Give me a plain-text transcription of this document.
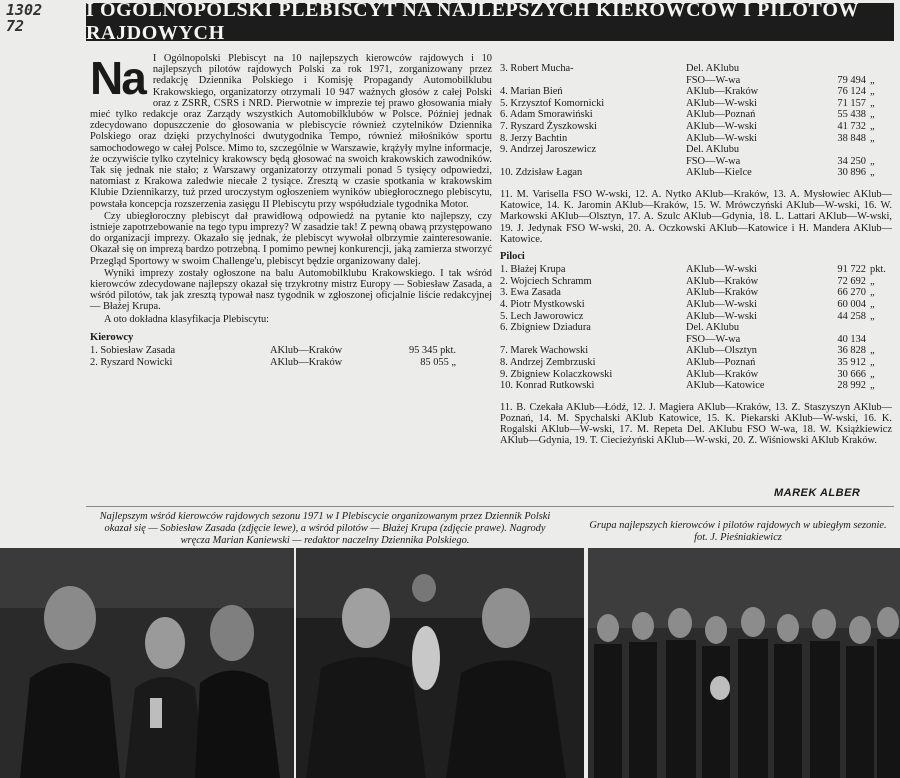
1302
72
I OGÓLNOPOLSKI PLEBISCYT NA NAJLEPSZYCH KIEROWCÓW I PILOTÓW RAJDOWYCH
Na I Ogólnopolski Plebiscyt na 10 najlepszych kierowców rajdowych i 10 najlepszych pilotów rajdowych Polski za rok 1971, zorganizowany przez redakcję Dziennika Polskiego i Komisję Propagandy Automobilklubu Krakowskiego, organizatorzy otrzymali 10 947 ważnych głosów z całej Polski oraz z ZSRR, CSRS i NRD. Pierwotnie w imprezie tej prawo głosowania miały mieć tylko redakcje oraz Zarządy wszystkich Automobilklubów w Polsce. Później jednak zdecydowano dopuszczenie do głosowania w plebiscycie również czytelników Dziennika Polskiego oraz dzięki przychylności dwutygodnika Tempo, również miłośników sportu samochodowego w całej Polsce. Mimo to, szczególnie w Warszawie, krążyły mylne informacje, że oczywiście tylko czytelnicy krakowscy będą głosować na swoich krakowskich zawodników. Tak się jednak nie stało; z Warszawy organizatorzy otrzymali ponad 5 tysięcy odpowiedzi, natomiast z Krakowa zaledwie niecałe 2 tysiące. Zresztą w czasie spotkania w krakowskim Klubie Dziennikarzy, tuż przed uroczystym ogłoszeniem wyników ubiegłorocznego plebiscytu, powstała koncepcja rozszerzenia zasięgu II Plebiscytu przy współudziale tygodnika Motor.

Czy ubiegłoroczny plebiscyt dał prawidłową odpowiedź na pytanie kto najlepszy, czy istnieje zapotrzebowanie na tego typu imprezy? W zasadzie tak! Z pewną obawą przystępowano do organizacji imprezy. Okazało się jednak, że plebiscyt wywołał olbrzymie zainteresowanie. Okazał się on imprezą bardzo potrzebną. I pomimo pewnej konkurencji, jaką zamierza stworzyć Przegląd Sportowy w swoim Challenge'u, plebiscyt będzie organizowany dalej.

Wyniki imprezy zostały ogłoszone na balu Automobilklubu Krakowskiego. I tak wśród kierowców zdecydowane najlepszy okazał się trzykrotny mistrz Europy — Sobiesław Zasada, a wśród pilotów, tak jak zresztą typował nasz tygodnik w zgłoszonej oficjalnie liście redakcyjnej — Błażej Krupa.

A oto dokładna klasyfikacja Plebiscytu:

Kierowcy
1. Sobiesław Zasada	AKlub—Kraków	95 345 pkt.
2. Ryszard Nowicki	AKlub—Kraków	85 055 „
3. Robert Mucha-	Del. AKlubu
FSO—W-wa	79 494 „
4. Marian Bień	AKlub—Kraków	76 124 „
5. Krzysztof Komornicki	AKlub—W-wski	71 157 „
6. Adam Smorawiński	AKlub—Poznań	55 438 „
7. Ryszard Żyszkowski	AKlub—W-wski	41 732 „
8. Jerzy Bachtin	AKlub—W-wski	38 848 „
9. Andrzej Jaroszewicz	Del. AKlubu
FSO—W-wa	34 250 „
10. Zdzisław Łagan	AKlub—Kielce	30 896 „
11. M. Varisella FSO W-wski, 12. A. Nytko AKlub—Kraków, 13. A. Mysłowiec AKlub—Katowice, 14. K. Jaromin AKlub—Kraków, 15. W. Mrówczyński AKlub—W-wski, 16. W. Markowski AKlub—Olsztyn, 17. A. Szulc AKlub—Gdynia, 18. L. Lattari AKlub—W-wski, 19. J. Jedynak FSO W-wski, 20. A. Oczkowski AKlub—Katowice i H. Mandera AKlub—Katowice.
Piloci
1. Błażej Krupa	AKlub—W-wski	91 722 pkt.
2. Wojciech Schramm	AKlub—Kraków	72 692 „
3. Ewa Zasada	AKlub—Kraków	66 270 „
4. Piotr Mystkowski	AKlub—W-wski	60 004 „
5. Lech Jaworowicz	AKlub—W-wski	44 258 „
6. Zbigniew Dziadura	Del. AKlubu
FSO—W-wa	40 134
7. Marek Wachowski	AKlub—Olsztyn	36 828 „
8. Andrzej Zembrzuski	AKlub—Poznań	35 912 „
9. Zbigniew Kolaczkowski	AKlub—Kraków	30 666 „
10. Konrad Rutkowski	AKlub—Katowice	28 992 „
11. B. Czekała AKlub—Łódź, 12. J. Magiera AKlub—Kraków, 13. Z. Staszyszyn AKlub—Poznań, 14. M. Spychalski AKlub Katowice, 15. K. Piekarski AKlub—W-wski, 16. K. Rogalski AKlub—W-wski, 17. M. Repeta Del. AKlubu FSO W-wa, 18. W. Książkiewicz AKlub—Gdynia, 19. T. Ciecieżyński AKlub—W-wski, 20. Z. Wiśniowski AKlub Kraków.
MAREK ALBER
Najlepszym wśród kierowców rajdowych sezonu 1971 w I Plebiscycie organizowanym przez Dziennik Polski okazał się — Sobiesław Zasada (zdjęcie lewe), a wśród pilotów — Błażej Krupa (zdjęcie prawe). Nagrody wręcza Marian Kaniewski — redaktor naczelny Dziennika Polskiego.
Grupa najlepszych kierowców i pilotów rajdowych w ubiegłym sezonie. fot. J. Pieśniakiewicz
